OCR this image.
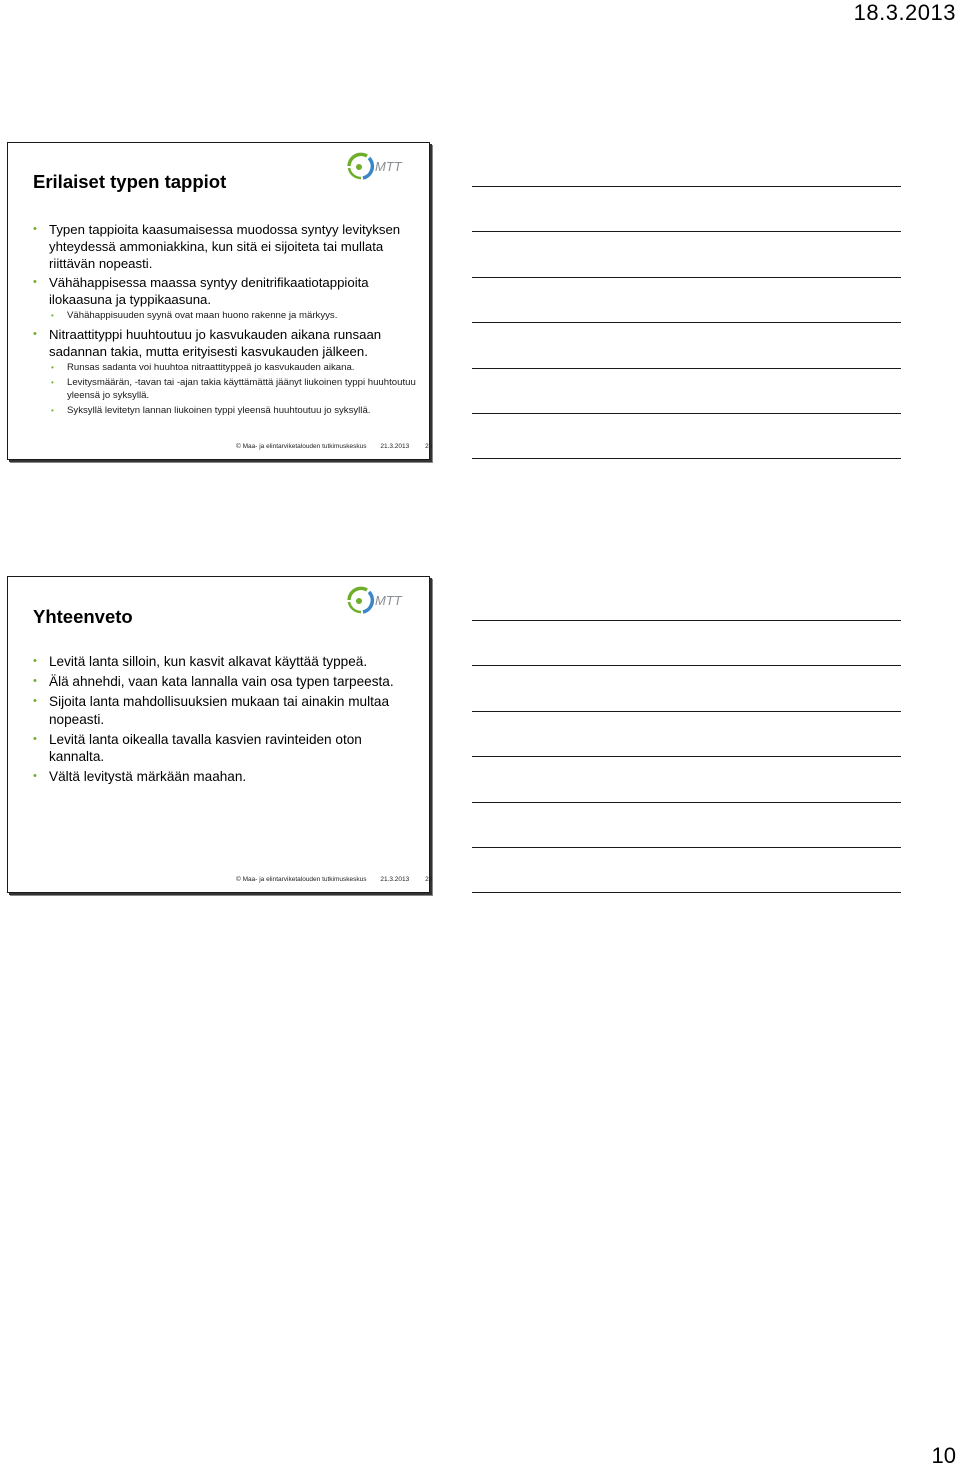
18.3.2013
Erilaiset typen tappiot
MTT
• Typen tappioita kaasumaisessa muodossa syntyy levityksen yhteydessä ammoniakkina, kun sitä ei sijoiteta tai mullata riittävän nopeasti.
• Vähähappisessa maassa syntyy denitrifikaatiotappioita ilokaasuna ja typpikaasuna.
• Vähähappisuuden syynä ovat maan huono rakenne ja märkyys.
• Nitraattityppi huuhtoutuu jo kasvukauden aikana runsaan sadannan takia, mutta erityisesti kasvukauden jälkeen.
• Runsas sadanta voi huuhtoa nitraattityppeä jo kasvukauden aikana.
• Levitysmäärän, -tavan tai -ajan takia käyttämättä jäänyt liukoinen typpi huuhtoutuu yleensä jo syksyllä.
• Syksyllä levitetyn lannan liukoinen typpi yleensä huuhtoutuu jo syksyllä.
© Maa- ja elintarviketalouden tutkimuskeskus 21.3.2013 28
Yhteenveto
MTT
• Levitä lanta silloin, kun kasvit alkavat käyttää typpeä.
• Älä ahnehdi, vaan kata lannalla vain osa typen tarpeesta.
• Sijoita lanta mahdollisuuksien mukaan tai ainakin multaa nopeasti.
• Levitä lanta oikealla tavalla kasvien ravinteiden oton kannalta.
• Vältä levitystä märkään maahan.
© Maa- ja elintarviketalouden tutkimuskeskus 21.3.2013 29
10
